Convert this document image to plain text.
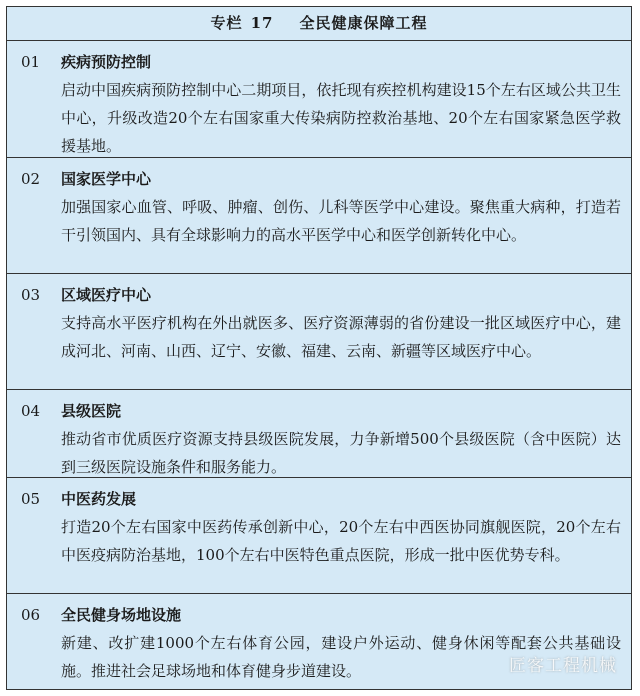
专栏 17 全民健康保障工程
01	疾病预防控制
启动中国疾病预防控制中心二期项目，依托现有疾控机构建设15个左右区域公共卫生中心，升级改造20个左右国家重大传染病防控救治基地、20个左右国家紧急医学救援基地。
02	国家医学中心
加强国家心血管、呼吸、肿瘤、创伤、儿科等医学中心建设。聚焦重大病种，打造若干引领国内、具有全球影响力的高水平医学中心和医学创新转化中心。
03	区域医疗中心
支持高水平医疗机构在外出就医多、医疗资源薄弱的省份建设一批区域医疗中心，建成河北、河南、山西、辽宁、安徽、福建、云南、新疆等区域医疗中心。
04	县级医院
推动省市优质医疗资源支持县级医院发展，力争新增500个县级医院（含中医院）达到三级医院设施条件和服务能力。
05	中医药发展
打造20个左右国家中医药传承创新中心，20个左右中西医协同旗舰医院，20个左右中医疫病防治基地，100个左右中医特色重点医院，形成一批中医优势专科。
06	全民健身场地设施
新建、改扩建1000个左右体育公园，建设户外运动、健身休闲等配套公共基础设施。推进社会足球场地和体育健身步道建设。	匠客工程机械
